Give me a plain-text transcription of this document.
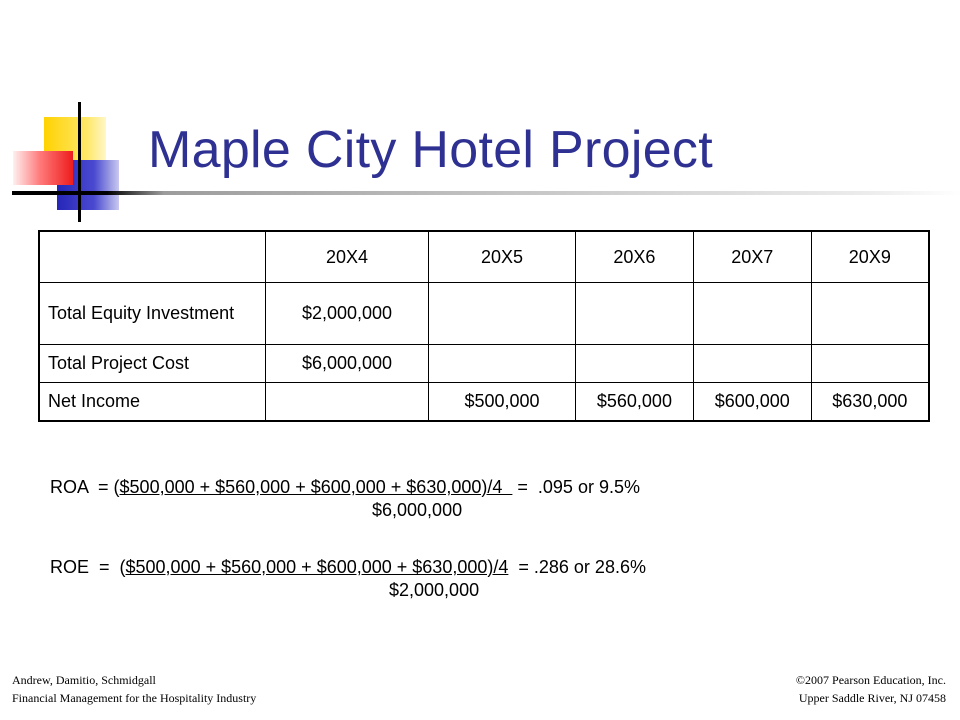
Maple City Hotel Project
	20X4	20X5	20X6	20X7	20X9
Total Equity Investment	$2,000,000				
Total Project Cost	$6,000,000				
Net Income		$500,000	$560,000	$600,000	$630,000
ROA  = ($500,000 + $560,000 + $600,000 + $630,000)/4   =  .095 or 9.5%
$6,000,000
ROE  =  ($500,000 + $560,000 + $600,000 + $630,000)/4  = .286 or 28.6%
$2,000,000
Andrew, Damitio, Schmidgall
Financial Management for the Hospitality Industry
©2007 Pearson Education, Inc.
Upper Saddle River, NJ 07458
